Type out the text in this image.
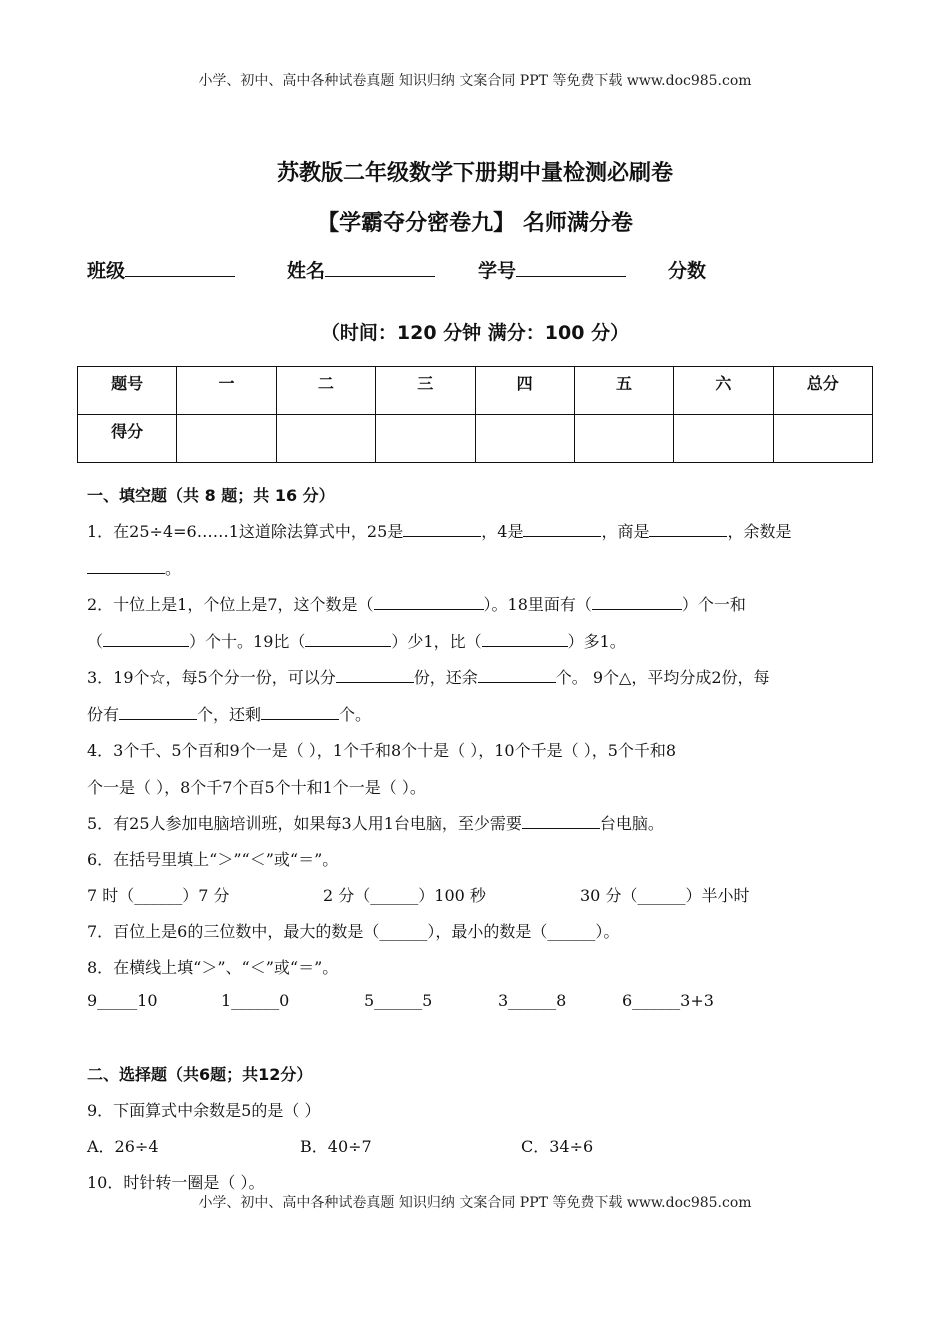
小学、初中、高中各种试卷真题 知识归纳 文案合同 PPT 等免费下载 www.doc985.com
苏教版二年级数学下册期中量检测必刷卷
【学霸夺分密卷九】 名师满分卷
班级	姓名	学号	分数
（时间：120 分钟 满分：100 分）
题号	一	二	三	四	五	六	总分
得分							
一、填空题（共 8 题；共 16 分）
1．在25÷4=6……1这道除法算式中，25是	，4是	，商是	，余数是
。
2．十位上是1，个位上是7，这个数是（	）。18里面有（	）个一和
（	）个十。19比（	）少1，比（	）多1。
3．19个☆，每5个分一份，可以分	份，还余	个。 9个△，平均分成2份，每
份有	个，还剩	个。
4．3个千、5个百和9个一是（ ），1个千和8个十是（ ），10个千是（ ），5个千和8
个一是（ ），8个千7个百5个十和1个一是（ ）。
5．有25人参加电脑培训班，如果每3人用1台电脑，至少需要	台电脑。
6．在括号里填上“＞”“＜”或“＝”。
7 时（______）7 分	2 分（______）100 秒	30 分（______）半小时
7．百位上是6的三位数中，最大的数是（______），最小的数是（______）。
8．在横线上填“＞”、“＜”或“＝”。
9_____10	1______0	5______5	3______8	6______3+3
二、选择题（共6题；共12分）
9．下面算式中余数是5的是（ ）
A．26÷4	B．40÷7	C．34÷6
10．时针转一圈是（ ）。
小学、初中、高中各种试卷真题 知识归纳 文案合同 PPT 等免费下载 www.doc985.com
